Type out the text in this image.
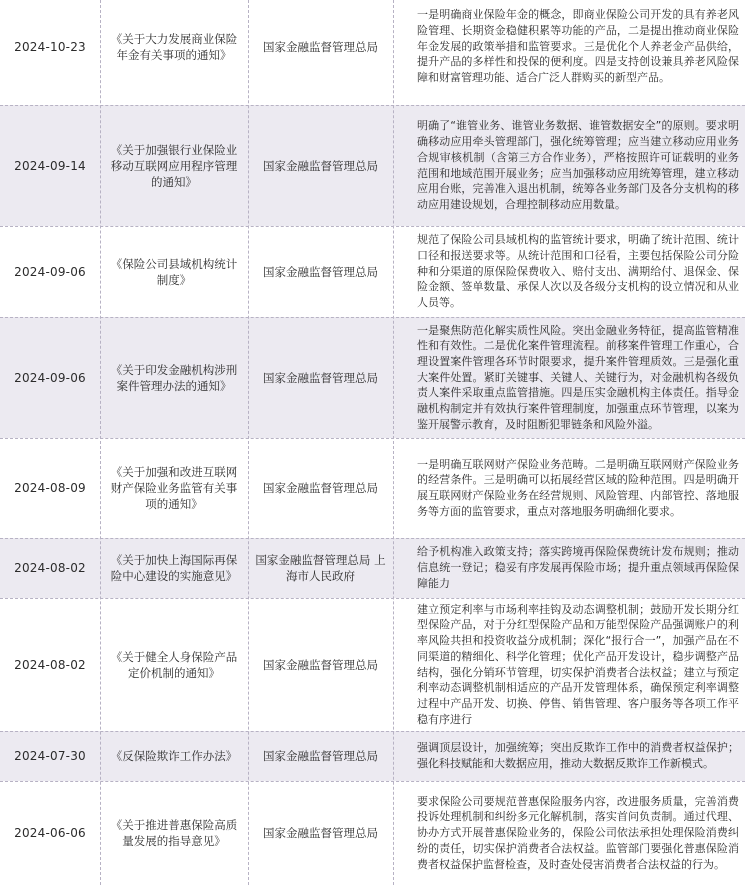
2024-10-23
《关于大力发展商业保险年金有关事项的通知》
国家金融监督管理总局
一是明确商业保险年金的概念，即商业保险公司开发的具有养老风险管理、长期资金稳健积累等功能的产品，二是提出推动商业保险年金发展的政策举措和监管要求。三是优化个人养老金产品供给，提升产品的多样性和投保的便利度。四是支持创设兼具养老风险保障和财富管理功能、适合广泛人群购买的新型产品。
2024-09-14
《关于加强银行业保险业移动互联网应用程序管理的通知》
国家金融监督管理总局
明确了“谁管业务、谁管业务数据、谁管数据安全”的原则。要求明确移动应用牵头管理部门，强化统筹管理；应当建立移动应用业务合规审核机制（含第三方合作业务），严格按照许可证载明的业务范围和地域范围开展业务；应当加强移动应用统筹管理，建立移动应用台账，完善准入退出机制，统筹各业务部门及各分支机构的移动应用建设规划，合理控制移动应用数量。
2024-09-06
《保险公司县域机构统计制度》
国家金融监督管理总局
规范了保险公司县域机构的监管统计要求，明确了统计范围、统计口径和报送要求等。从统计范围和口径看，主要包括保险公司分险种和分渠道的原保险保费收入、赔付支出、满期给付、退保金、保险金额、签单数量、承保人次以及各级分支机构的设立情况和从业人员等。
2024-09-06
《关于印发金融机构涉刑案件管理办法的通知》
国家金融监督管理总局
一是聚焦防范化解实质性风险。突出金融业务特征，提高监管精准性和有效性。二是优化案件管理流程。前移案件管理工作重心，合理设置案件管理各环节时限要求，提升案件管理质效。三是强化重大案件处置。紧盯关键事、关键人、关键行为，对金融机构各级负责人案件采取重点监管措施。四是压实金融机构主体责任。指导金融机构制定并有效执行案件管理制度，加强重点环节管理，以案为鉴开展警示教育，及时阻断犯罪链条和风险外溢。
2024-08-09
《关于加强和改进互联网财产保险业务监管有关事项的通知》
国家金融监督管理总局
一是明确互联网财产保险业务范畴。二是明确互联网财产保险业务的经营条件。三是明确可以拓展经营区域的险种范围。四是明确开展互联网财产保险业务在经营规则、风险管理、内部管控、落地服务等方面的监管要求，重点对落地服务明确细化要求。
2024-08-02
《关于加快上海国际再保险中心建设的实施意见》
国家金融监督管理总局 上海市人民政府
给予机构准入政策支持；落实跨境再保险保费统计发布规则；推动信息统一登记；稳妥有序发展再保险市场；提升重点领域再保险保障能力
2024-08-02
《关于健全人身保险产品定价机制的通知》
国家金融监督管理总局
建立预定利率与市场利率挂钩及动态调整机制；鼓励开发长期分红型保险产品，对于分红型保险产品和万能型保险产品强调账户的利率风险共担和投资收益分成机制；深化“报行合一”，加强产品在不同渠道的精细化、科学化管理；优化产品开发设计，稳步调整产品结构，强化分销环节管理，切实保护消费者合法权益；建立与预定利率动态调整机制相适应的产品开发管理体系，确保预定利率调整过程中产品开发、切换、停售、销售管理、客户服务等各项工作平稳有序进行
2024-07-30	《反保险欺诈工作办法》	国家金融监督管理总局
强调顶层设计，加强统筹；突出反欺诈工作中的消费者权益保护；强化科技赋能和大数据应用，推动大数据反欺诈工作新模式。
2024-06-06
《关于推进普惠保险高质量发展的指导意见》
国家金融监督管理总局
要求保险公司要规范普惠保险服务内容，改进服务质量，完善消费投诉处理机制和纠纷多元化解机制，落实首问负责制。通过代理、协办方式开展普惠保险业务的，保险公司依法承担处理保险消费纠纷的责任，切实保护消费者合法权益。监管部门要强化普惠保险消费者权益保护监督检查，及时查处侵害消费者合法权益的行为。
